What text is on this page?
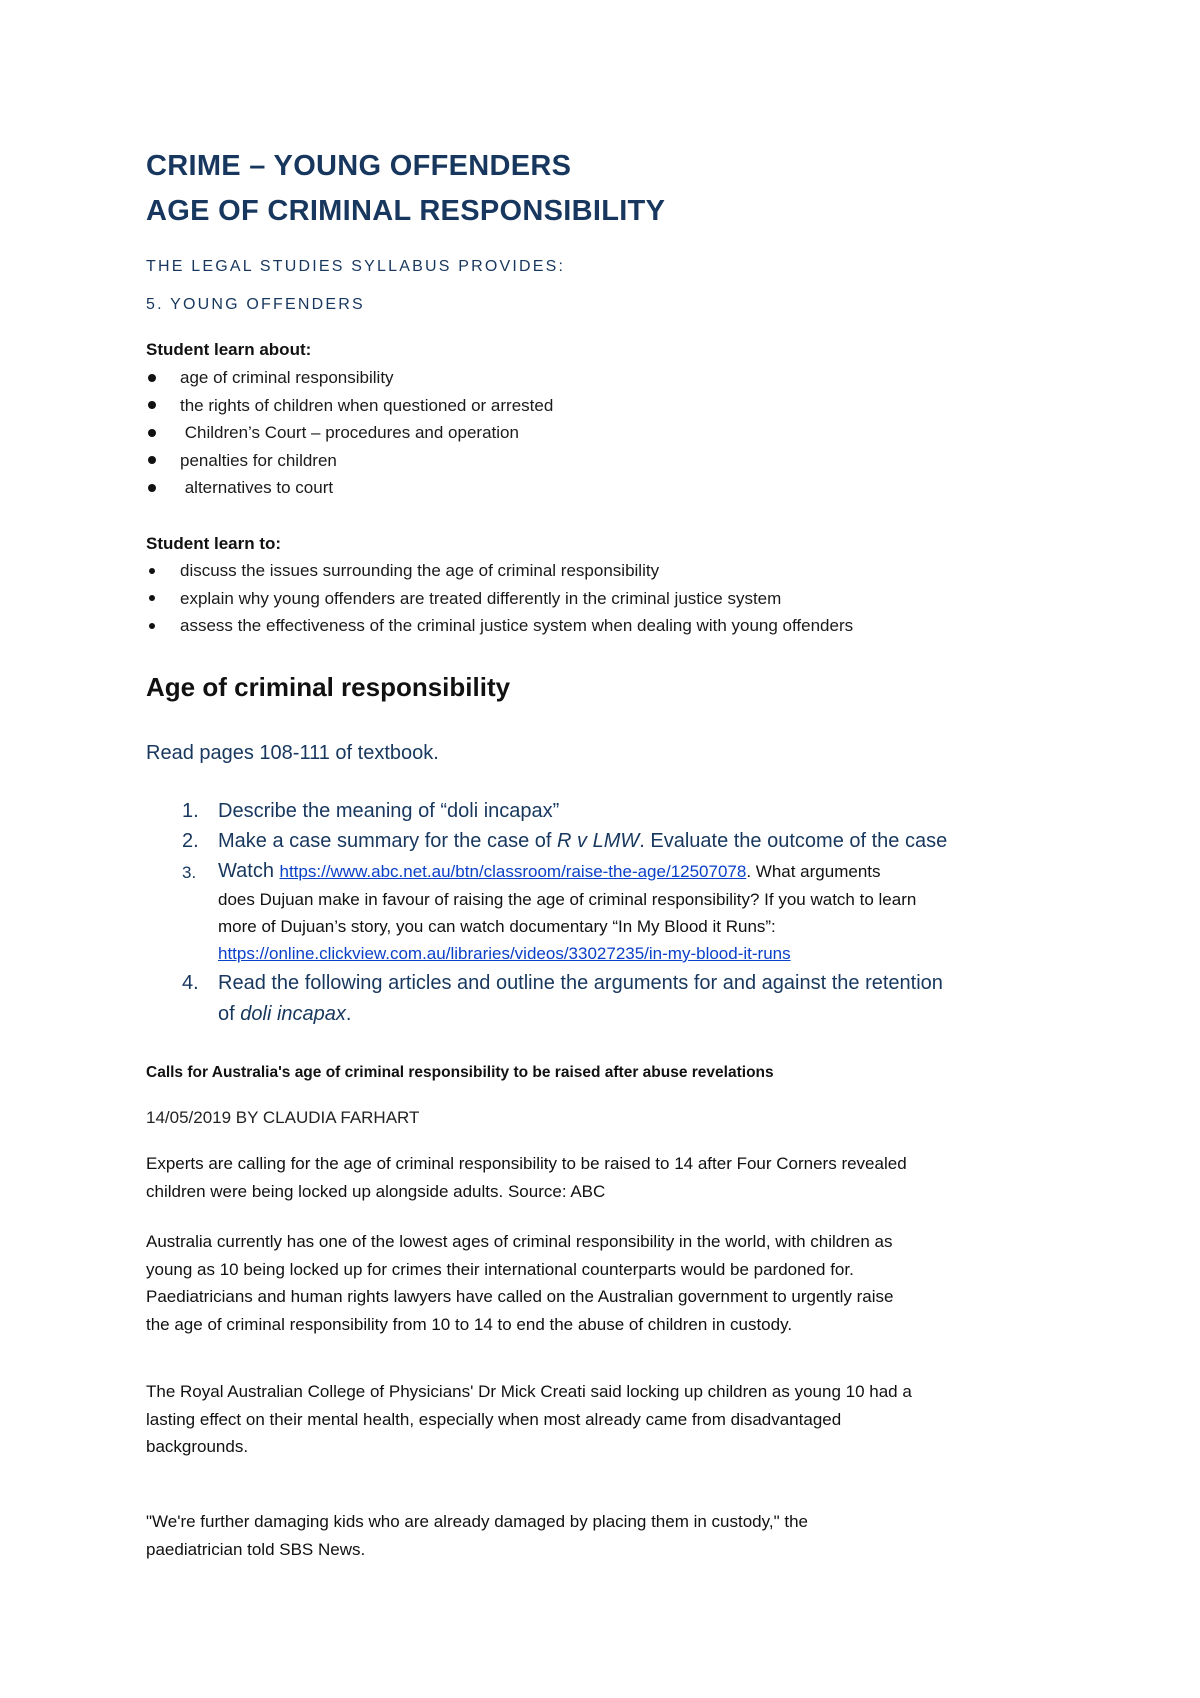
CRIME – YOUNG OFFENDERS
AGE OF CRIMINAL RESPONSIBILITY
THE LEGAL STUDIES SYLLABUS PROVIDES:
5. YOUNG OFFENDERS
Student learn about:
age of criminal responsibility
the rights of children when questioned or arrested
Children’s Court – procedures and operation
penalties for children
alternatives to court
Student learn to:
discuss the issues surrounding the age of criminal responsibility
explain why young offenders are treated differently in the criminal justice system
assess the effectiveness of the criminal justice system when dealing with young offenders
Age of criminal responsibility
Read pages 108-111 of textbook.
1. Describe the meaning of “doli incapax”
2. Make a case summary for the case of R v LMW. Evaluate the outcome of the case
3. Watch https://www.abc.net.au/btn/classroom/raise-the-age/12507078. What arguments
does Dujuan make in favour of raising the age of criminal responsibility? If you watch to learn
more of Dujuan’s story, you can watch documentary “In My Blood it Runs”:
https://online.clickview.com.au/libraries/videos/33027235/in-my-blood-it-runs
4. Read the following articles and outline the arguments for and against the retention
of doli incapax.
Calls for Australia's age of criminal responsibility to be raised after abuse revelations
14/05/2019 BY CLAUDIA FARHART
Experts are calling for the age of criminal responsibility to be raised to 14 after Four Corners revealed
children were being locked up alongside adults. Source: ABC
Australia currently has one of the lowest ages of criminal responsibility in the world, with children as
young as 10 being locked up for crimes their international counterparts would be pardoned for.
Paediatricians and human rights lawyers have called on the Australian government to urgently raise
the age of criminal responsibility from 10 to 14 to end the abuse of children in custody.
The Royal Australian College of Physicians' Dr Mick Creati said locking up children as young 10 had a
lasting effect on their mental health, especially when most already came from disadvantaged
backgrounds.
"We're further damaging kids who are already damaged by placing them in custody," the
paediatrician told SBS News.
